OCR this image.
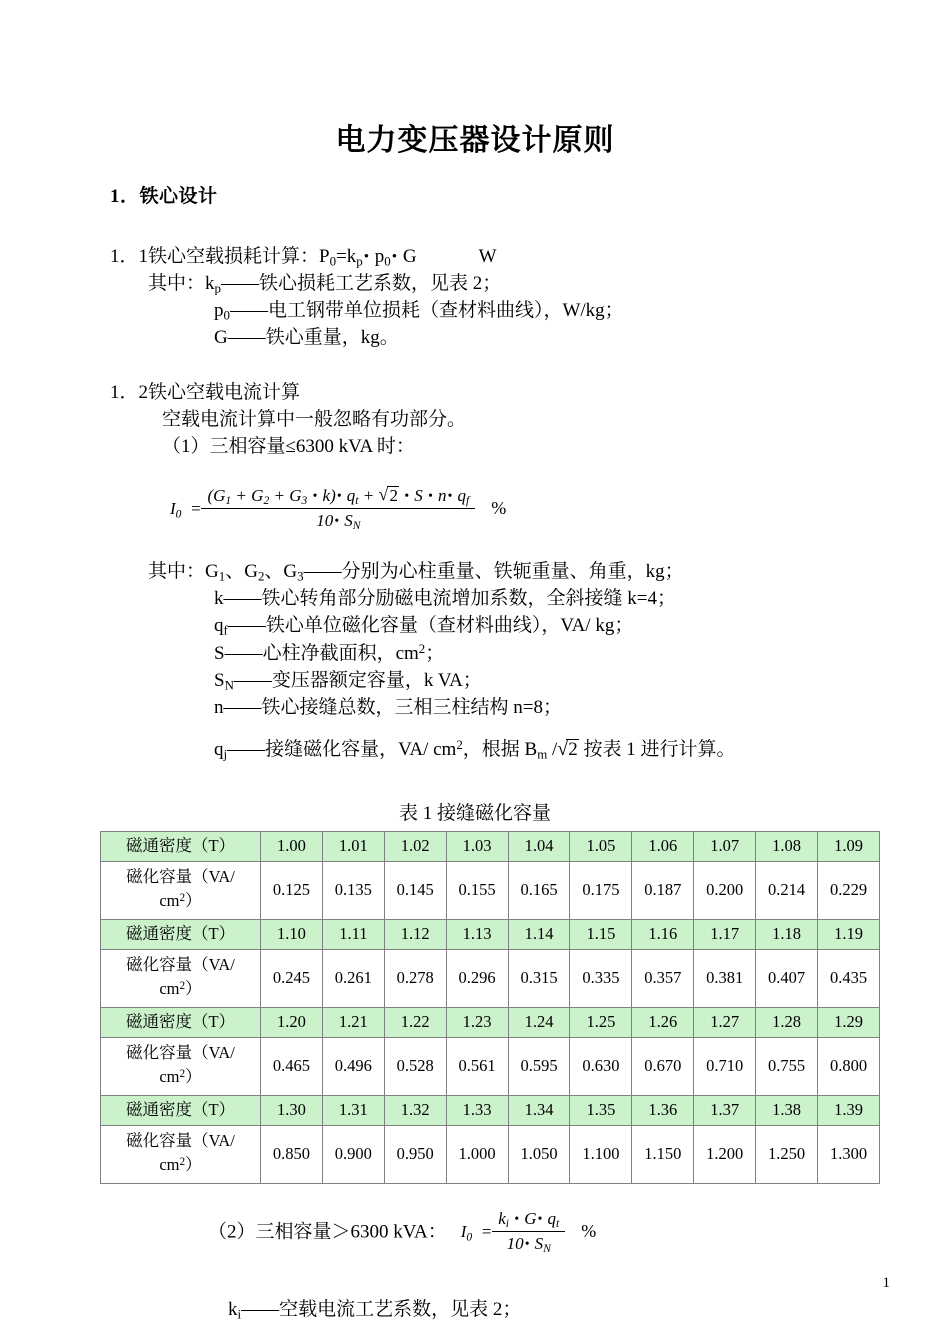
电力变压器设计原则
1．铁心设计
1．1铁心空载损耗计算：$P_0=k_p•$ $p_0•$ G	W
其中：$k_p——$铁心损耗工艺系数，见表 2；
$p_0——$电工钢带单位损耗（查材料曲线），W/kg；
G——铁心重量，kg。
1．2铁心空载电流计算
空载电流计算中一般忽略有功部分。
（1）三相容量≤6300 kVA 时：
$I_0 = \frac{(G_1 + G_2 + G_3 • k)• q_t + √ 2 • S • n• q_f}{10• S_N}$ %
其中：$G_1$、$G_2$、$G_3——$分别为心柱重量、铁轭重量、角重，kg；
k——铁心转角部分励磁电流增加系数，全斜接缝 k=4；
$q_f——$铁心单位磁化容量（查材料曲线），VA/ kg；
S——心柱净截面积，$cm^2$；
$S_N——$变压器额定容量，k VA；
n——铁心接缝总数，三相三柱结构 n=8；
$q_j——$接缝磁化容量，VA/ $cm^2$，根据 $B_m$ / √ 2 按表 1 进行计算。
表 1 接缝磁化容量
磁通密度（T）	1.00	1.01	1.02	1.03	1.04	1.05	1.06	1.07	1.08	1.09

磁化容量（VA/
$cm^2$）	0.125	0.135	0.145	0.155	0.165	0.175	0.187	0.200	0.214	0.229
磁通密度（T）	1.10	1.11	1.12	1.13	1.14	1.15	1.16	1.17	1.18	1.19

磁化容量（VA/
$cm^2$）	0.245	0.261	0.278	0.296	0.315	0.335	0.357	0.381	0.407	0.435
磁通密度（T）	1.20	1.21	1.22	1.23	1.24	1.25	1.26	1.27	1.28	1.29

磁化容量（VA/
$cm^2$）	0.465	0.496	0.528	0.561	0.595	0.630	0.670	0.710	0.755	0.800
磁通密度（T）	1.30	1.31	1.32	1.33	1.34	1.35	1.36	1.37	1.38	1.39

磁化容量（VA/
$cm^2$）	0.850	0.900	0.950	1.000	1.050	1.100	1.150	1.200	1.250	1.300
（2）三相容量＞6300 kVA： $I_0 = \frac{k_i • G• q_t}{10• S_N}$ %
$k_i——$空载电流工艺系数，见表 2；
1
